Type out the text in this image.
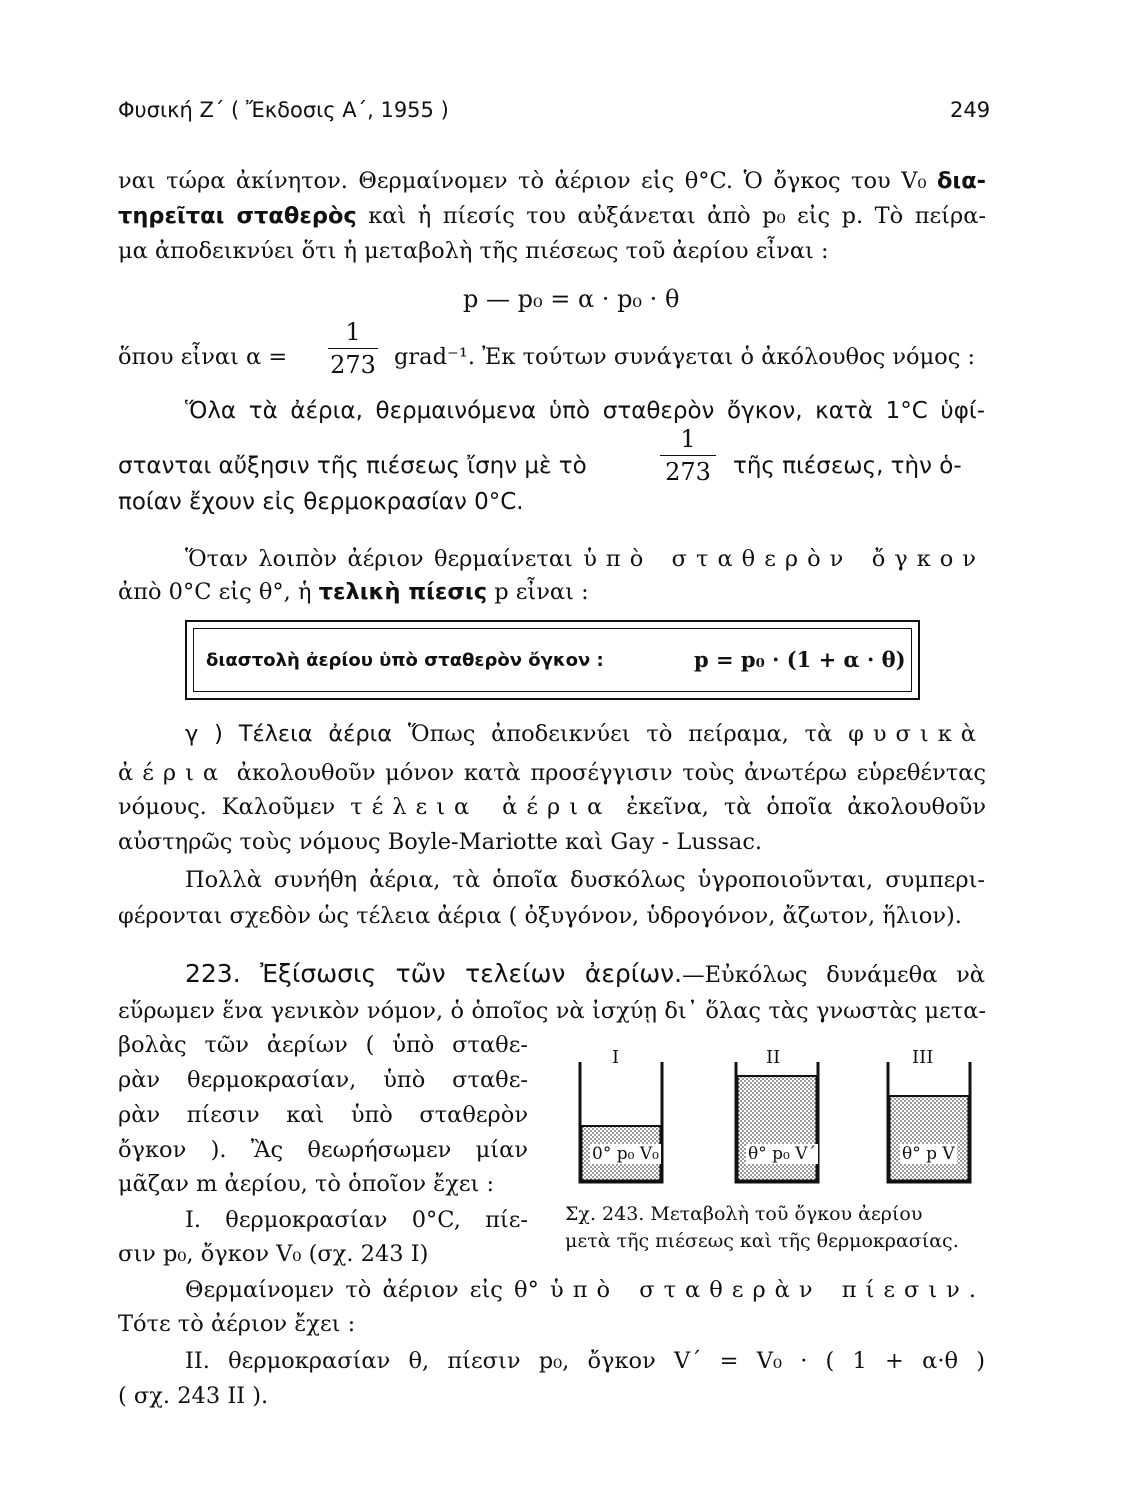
Φυσική Ζ΄ ( Ἔκδοσις Α΄, 1955 )	249
ναι τώρα ἀκίνητον. Θερμαίνομεν τὸ ἀέριον εἰς θ°C. Ὁ ὄγκος του V₀ δια-
τηρεῖται σταθερὸς καὶ ἡ πίεσίς του αὐξάνεται ἀπὸ p₀ εἰς p. Τὸ πείρα-
μα ἀποδεικνύει ὅτι ἡ μεταβολὴ τῆς πιέσεως τοῦ ἀερίου εἶναι :
p — p₀ = α · p₀ · θ
ὅπου εἶναι α =
1
273 grad⁻¹. Ἐκ τούτων συνάγεται ὁ ἀκόλουθος νόμος :
Ὅλα τὰ ἀέρια, θερμαινόμενα ὑπὸ σταθερὸν ὄγκον, κατὰ 1°C ὑφί-
στανται αὔξησιν τῆς πιέσεως ἴσην μὲ τὸ
1
273 τῆς πιέσεως, τὴν ὁ-
ποίαν ἔχουν εἰς θερμοκρασίαν 0°C.
Ὅταν λοιπὸν ἀέριον θερμαίνεται ὑπὸ σταθερὸν ὄγκον
ἀπὸ 0°C εἰς θ°, ἡ τελικὴ πίεσις p εἶναι :
διαστολὴ ἀερίου ὑπὸ σταθερὸν ὄγκον :	p = p₀ · (1 + α · θ)
γ ) Τέλεια ἀέρια Ὅπως ἀποδεικνύει τὸ πείραμα, τὰ φυσικὰ
ἀέρια ἀκολουθοῦν μόνον κατὰ προσέγγισιν τοὺς ἀνωτέρω εὑρεθέντας
νόμους. Καλοῦμεν τέλεια ἀέρια ἐκεῖνα, τὰ ὁποῖα ἀκολουθοῦν
αὐστηρῶς τοὺς νόμους Boyle-Mariotte καὶ Gay - Lussac.
Πολλὰ συνήθη ἀέρια, τὰ ὁποῖα δυσκόλως ὑγροποιοῦνται, συμπερι-
φέρονται σχεδὸν ὡς τέλεια ἀέρια ( ὀξυγόνον, ὑδρογόνον, ἄζωτον, ἥλιον).
223. Ἐξίσωσις τῶν τελείων ἀερίων.—Εὐκόλως δυνάμεθα νὰ
εὕρωμεν ἕνα γενικὸν νόμον, ὁ ὁποῖος νὰ ἰσχύῃ δι᾿ ὅλας τὰς γνωστὰς μετα-
βολὰς τῶν ἀερίων ( ὑπὸ σταθε-
ρὰν θερμοκρασίαν, ὑπὸ σταθε-
ρὰν πίεσιν καὶ ὑπὸ σταθερὸν
ὄγκον ). Ἂς θεωρήσωμεν μίαν
μᾶζαν m ἀερίου, τὸ ὁποῖον ἔχει :
I. θερμοκρασίαν 0°C, πίε-
σιν p₀, ὄγκον V₀ (σχ. 243 I)
Θερμαίνομεν τὸ ἀέριον εἰς θ° ὑπὸ σταθερὰν πίεσιν.
Τότε τὸ ἀέριον ἔχει :
II. θερμοκρασίαν θ, πίεσιν p₀, ὄγκον V΄ = V₀ · ( 1 + α·θ )
( σχ. 243 II ).
I	II	III
0° p₀ V₀	θ° p₀ V΄	θ° p V
Σχ. 243. Μεταβολὴ τοῦ ὄγκου ἀερίου
μετὰ τῆς πιέσεως καὶ τῆς θερμοκρασίας.
